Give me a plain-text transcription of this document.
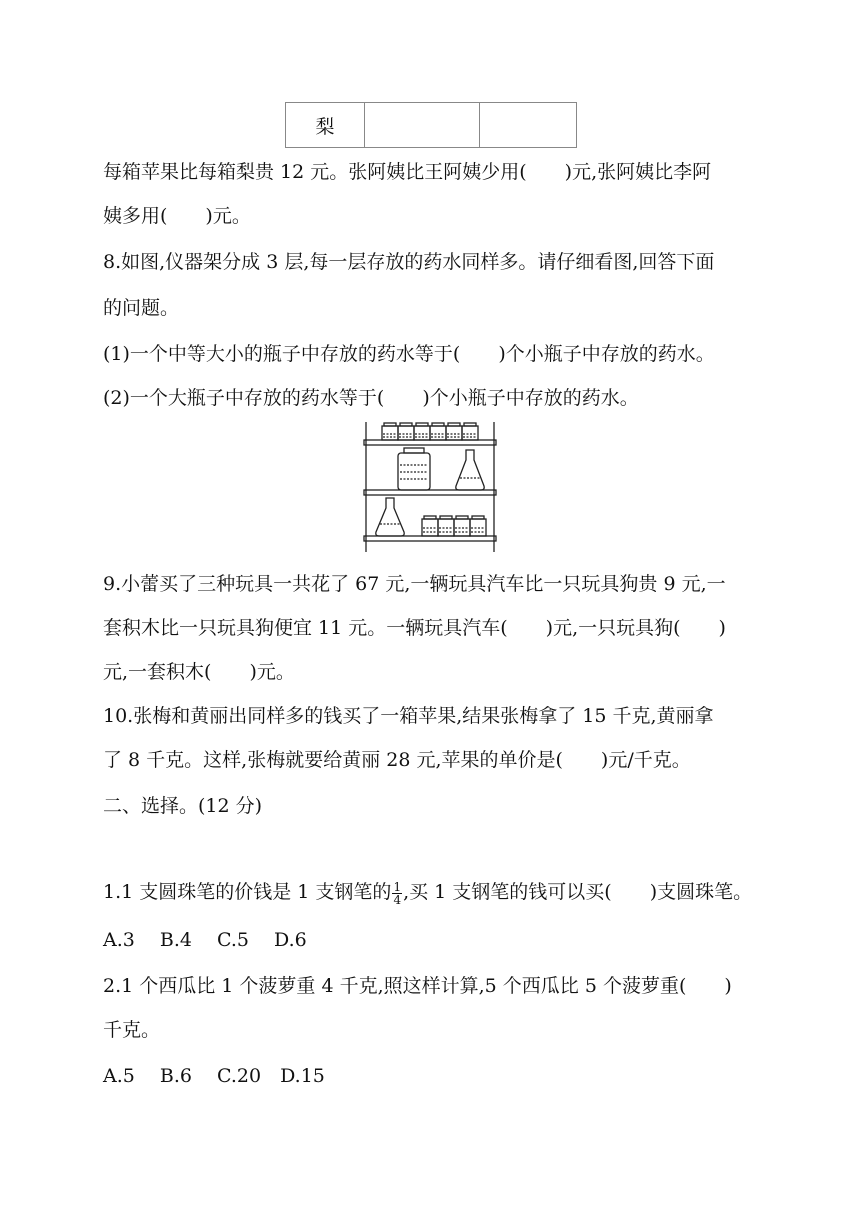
梨		
每箱苹果比每箱梨贵 12 元。张阿姨比王阿姨少用(　　)元,张阿姨比李阿
姨多用(　　)元。
8.如图,仪器架分成 3 层,每一层存放的药水同样多。请仔细看图,回答下面
的问题。
(1)一个中等大小的瓶子中存放的药水等于(　　)个小瓶子中存放的药水。
(2)一个大瓶子中存放的药水等于(　　)个小瓶子中存放的药水。
9.小蕾买了三种玩具一共花了 67 元,一辆玩具汽车比一只玩具狗贵 9 元,一
套积木比一只玩具狗便宜 11 元。一辆玩具汽车(　　)元,一只玩具狗(　　)
元,一套积木(　　)元。
10.张梅和黄丽出同样多的钱买了一箱苹果,结果张梅拿了 15 千克,黄丽拿
了 8 千克。这样,张梅就要给黄丽 28 元,苹果的单价是(　　)元/千克。
二、选择。(12 分)
1.1 支圆珠笔的价钱是 1 支钢笔的 $\frac{1}{4}$ ,买 1 支钢笔的钱可以买(　　)支圆珠笔。
A.3　 B.4　 C.5　 D.6
2.1 个西瓜比 1 个菠萝重 4 千克,照这样计算,5 个西瓜比 5 个菠萝重(　　)
千克。
A.5　 B.6　 C.20　D.15
